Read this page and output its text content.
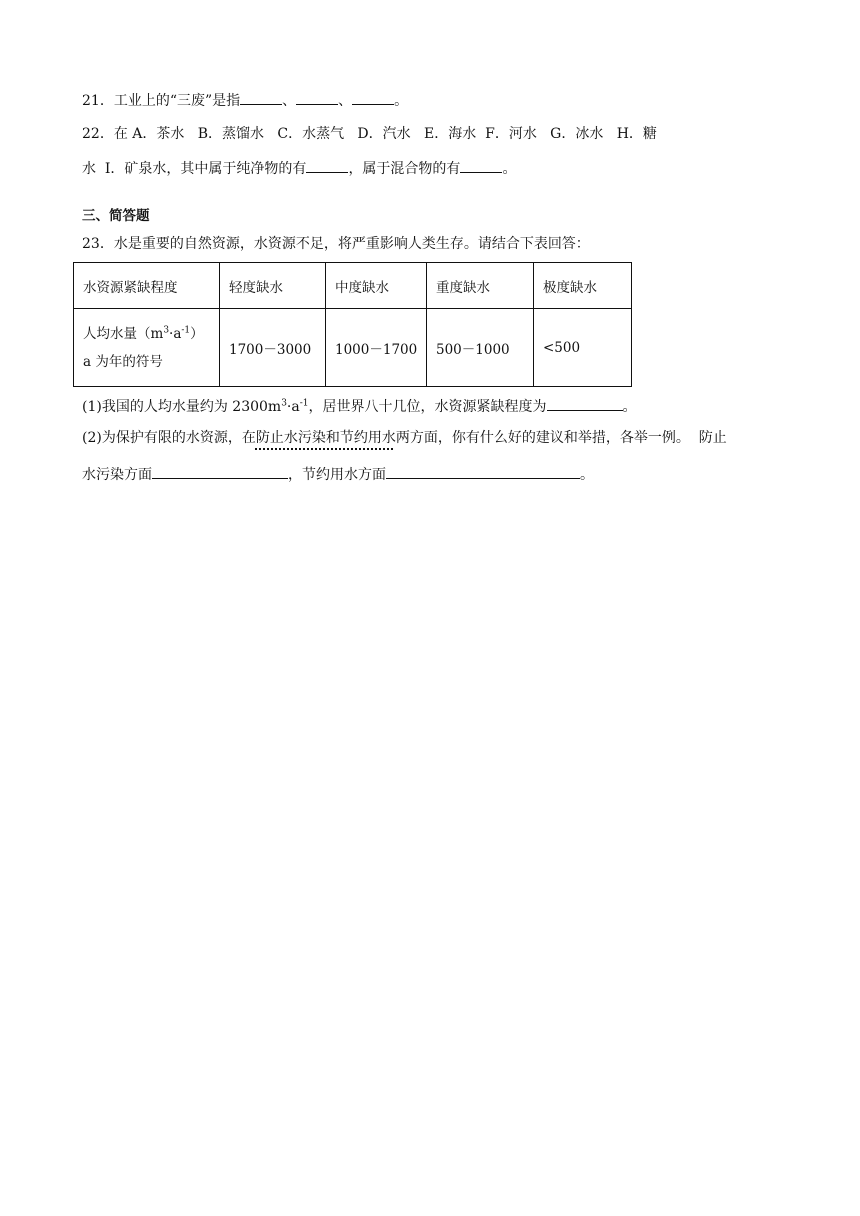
21．工业上的“三废”是指	、	、	。
22．在 A．茶水   B．蒸馏水   C．水蒸气   D．汽水   E．海水  F．河水   G．冰水   H．糖
水  I．矿泉水，其中属于纯净物的有	，属于混合物的有	。
三、简答题
23．水是重要的自然资源，水资源不足，将严重影响人类生存。请结合下表回答：
水资源紧缺程度	轻度缺水	中度缺水	重度缺水	极度缺水

人均水量$(m^3\cdot a^{-1})$
a 为年的符号	1700－3000	1000－1700	500－1000	<500
(1)我国的人均水量约为 $2300m^3\cdot a^{-1}$，居世界八十几位，水资源紧缺程度为	。
(2)为保护有限的水资源，在防止水污染和节约用水两方面，你有什么好的建议和举措，各举一例。  防止
水污染方面	，节约用水方面	。
